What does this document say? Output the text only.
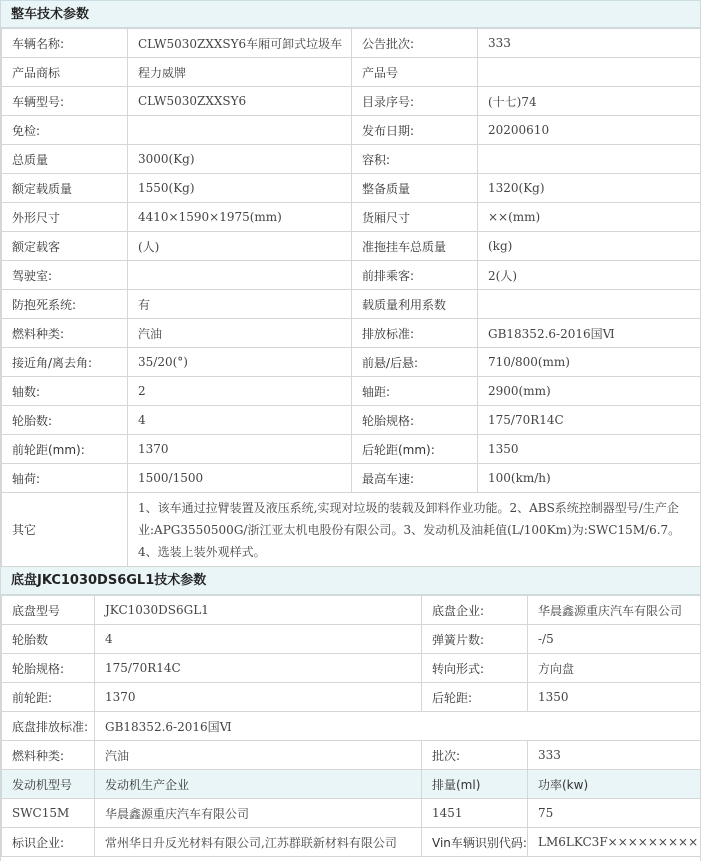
整车技术参数
车辆名称:	CLW5030ZXXSY6车厢可卸式垃圾车	公告批次:	333
产品商标	程力威牌	产品号	
车辆型号:	CLW5030ZXXSY6	目录序号:	(十七)74
免检:		发布日期:	20200610
总质量	3000(Kg)	容积:	
额定载质量	1550(Kg)	整备质量	1320(Kg)
外形尺寸	4410×1590×1975(mm)	货厢尺寸	××(mm)
额定载客	(人)	准拖挂车总质量	(kg)
驾驶室:		前排乘客:	2(人)
防抱死系统:	有	载质量利用系数	
燃料种类:	汽油	排放标准:	GB18352.6-2016国Ⅵ
接近角/离去角:	35/20(°)	前悬/后悬:	710/800(mm)
轴数:	2	轴距:	2900(mm)
轮胎数:	4	轮胎规格:	175/70R14C
前轮距(mm):	1370	后轮距(mm):	1350
轴荷:	1500/1500	最高车速:	100(km/h)
其它	1、该车通过拉臂装置及液压系统,实现对垃圾的装载及卸料作业功能。2、ABS系统控制器型号/生产企业:APG3550500G/浙江亚太机电股份有限公司。3、发动机及油耗值(L/100Km)为:SWC15M/6.7。4、选装上装外观样式。		
底盘JKC1030DS6GL1技术参数
底盘型号	JKC1030DS6GL1	底盘企业:	华晨鑫源重庆汽车有限公司
轮胎数	4	弹簧片数:	-/5
轮胎规格:	175/70R14C	转向形式:	方向盘
前轮距:	1370	后轮距:	1350
底盘排放标准:	GB18352.6-2016国Ⅵ		
燃料种类:	汽油	批次:	333
发动机型号	发动机生产企业	排量(ml)	功率(kw)
SWC15M	华晨鑫源重庆汽车有限公司	1451	75
标识企业:	常州华日升反光材料有限公司,江苏群联新材料有限公司	Vin车辆识别代码:	LM6LKC3F×××××××××
